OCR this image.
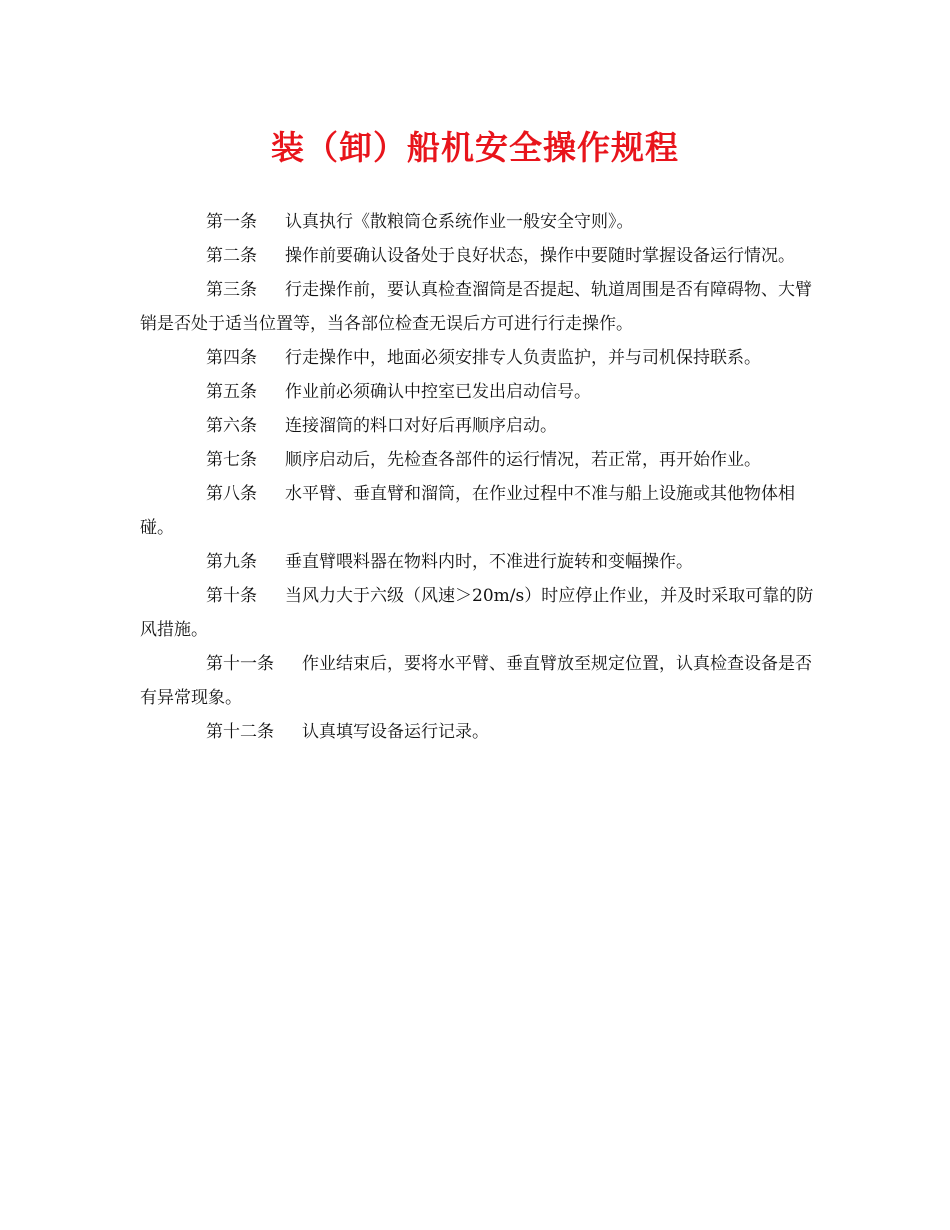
装（卸）船机安全操作规程
第一条 认真执行《散粮筒仓系统作业一般安全守则》。
第二条 操作前要确认设备处于良好状态，操作中要随时掌握设备运行情况。
第三条 行走操作前，要认真检查溜筒是否提起、轨道周围是否有障碍物、大臂销是否处于适当位置等，当各部位检查无误后方可进行行走操作。
第四条 行走操作中，地面必须安排专人负责监护，并与司机保持联系。
第五条 作业前必须确认中控室已发出启动信号。
第六条 连接溜筒的料口对好后再顺序启动。
第七条 顺序启动后，先检查各部件的运行情况，若正常，再开始作业。
第八条 水平臂、垂直臂和溜筒，在作业过程中不准与船上设施或其他物体相碰。
第九条 垂直臂喂料器在物料内时，不准进行旋转和变幅操作。
第十条 当风力大于六级（风速＞20m/s）时应停止作业，并及时采取可靠的防风措施。
第十一条 作业结束后，要将水平臂、垂直臂放至规定位置，认真检查设备是否有异常现象。
第十二条 认真填写设备运行记录。
